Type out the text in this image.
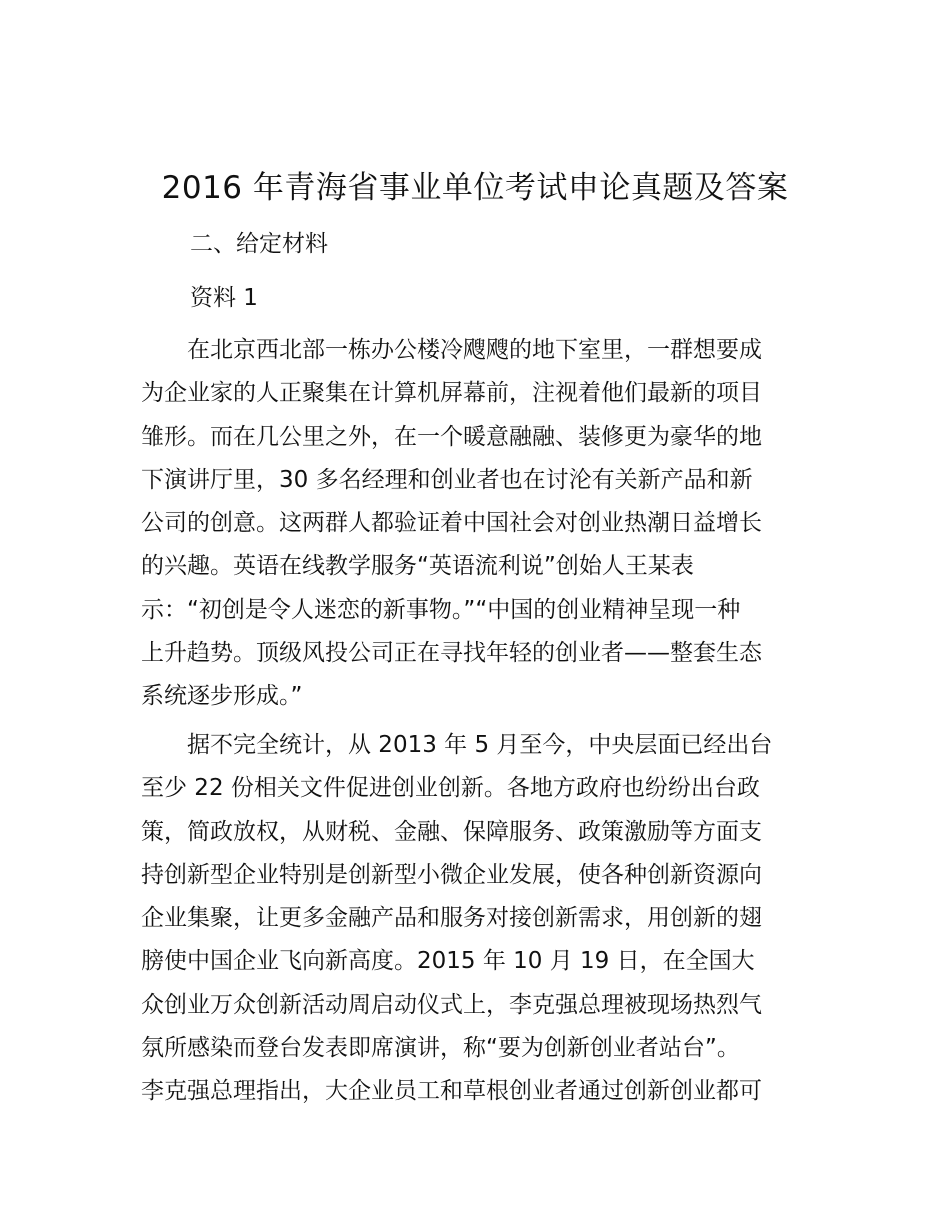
2016 年青海省事业单位考试申论真题及答案
二、给定材料
资料 1
　　在北京西北部一栋办公楼冷飕飕的地下室里，一群想要成
为企业家的人正聚集在计算机屏幕前，注视着他们最新的项目
雏形。而在几公里之外，在一个暖意融融、装修更为豪华的地
下演讲厅里，30 多名经理和创业者也在讨沦有关新产品和新
公司的创意。这两群人都验证着中国社会对创业热潮日益增长
的兴趣。英语在线教学服务“英语流利说”创始人王某表
示：“初创是令人迷恋的新事物。”“中国的创业精神呈现一种
上升趋势。顶级风投公司正在寻找年轻的创业者——整套生态
系统逐步形成。”
　　据不完全统计，从 2013 年 5 月至今，中央层面已经出台
至少 22 份相关文件促进创业创新。各地方政府也纷纷出台政
策，简政放权，从财税、金融、保障服务、政策激励等方面支
持创新型企业特别是创新型小微企业发展，使各种创新资源向
企业集聚，让更多金融产品和服务对接创新需求，用创新的翅
膀使中国企业飞向新高度。2015 年 10 月 19 日，在全国大
众创业万众创新活动周启动仪式上，李克强总理被现场热烈气
氛所感染而登台发表即席演讲，称“要为创新创业者站台”。
李克强总理指出，大企业员工和草根创业者通过创新创业都可
